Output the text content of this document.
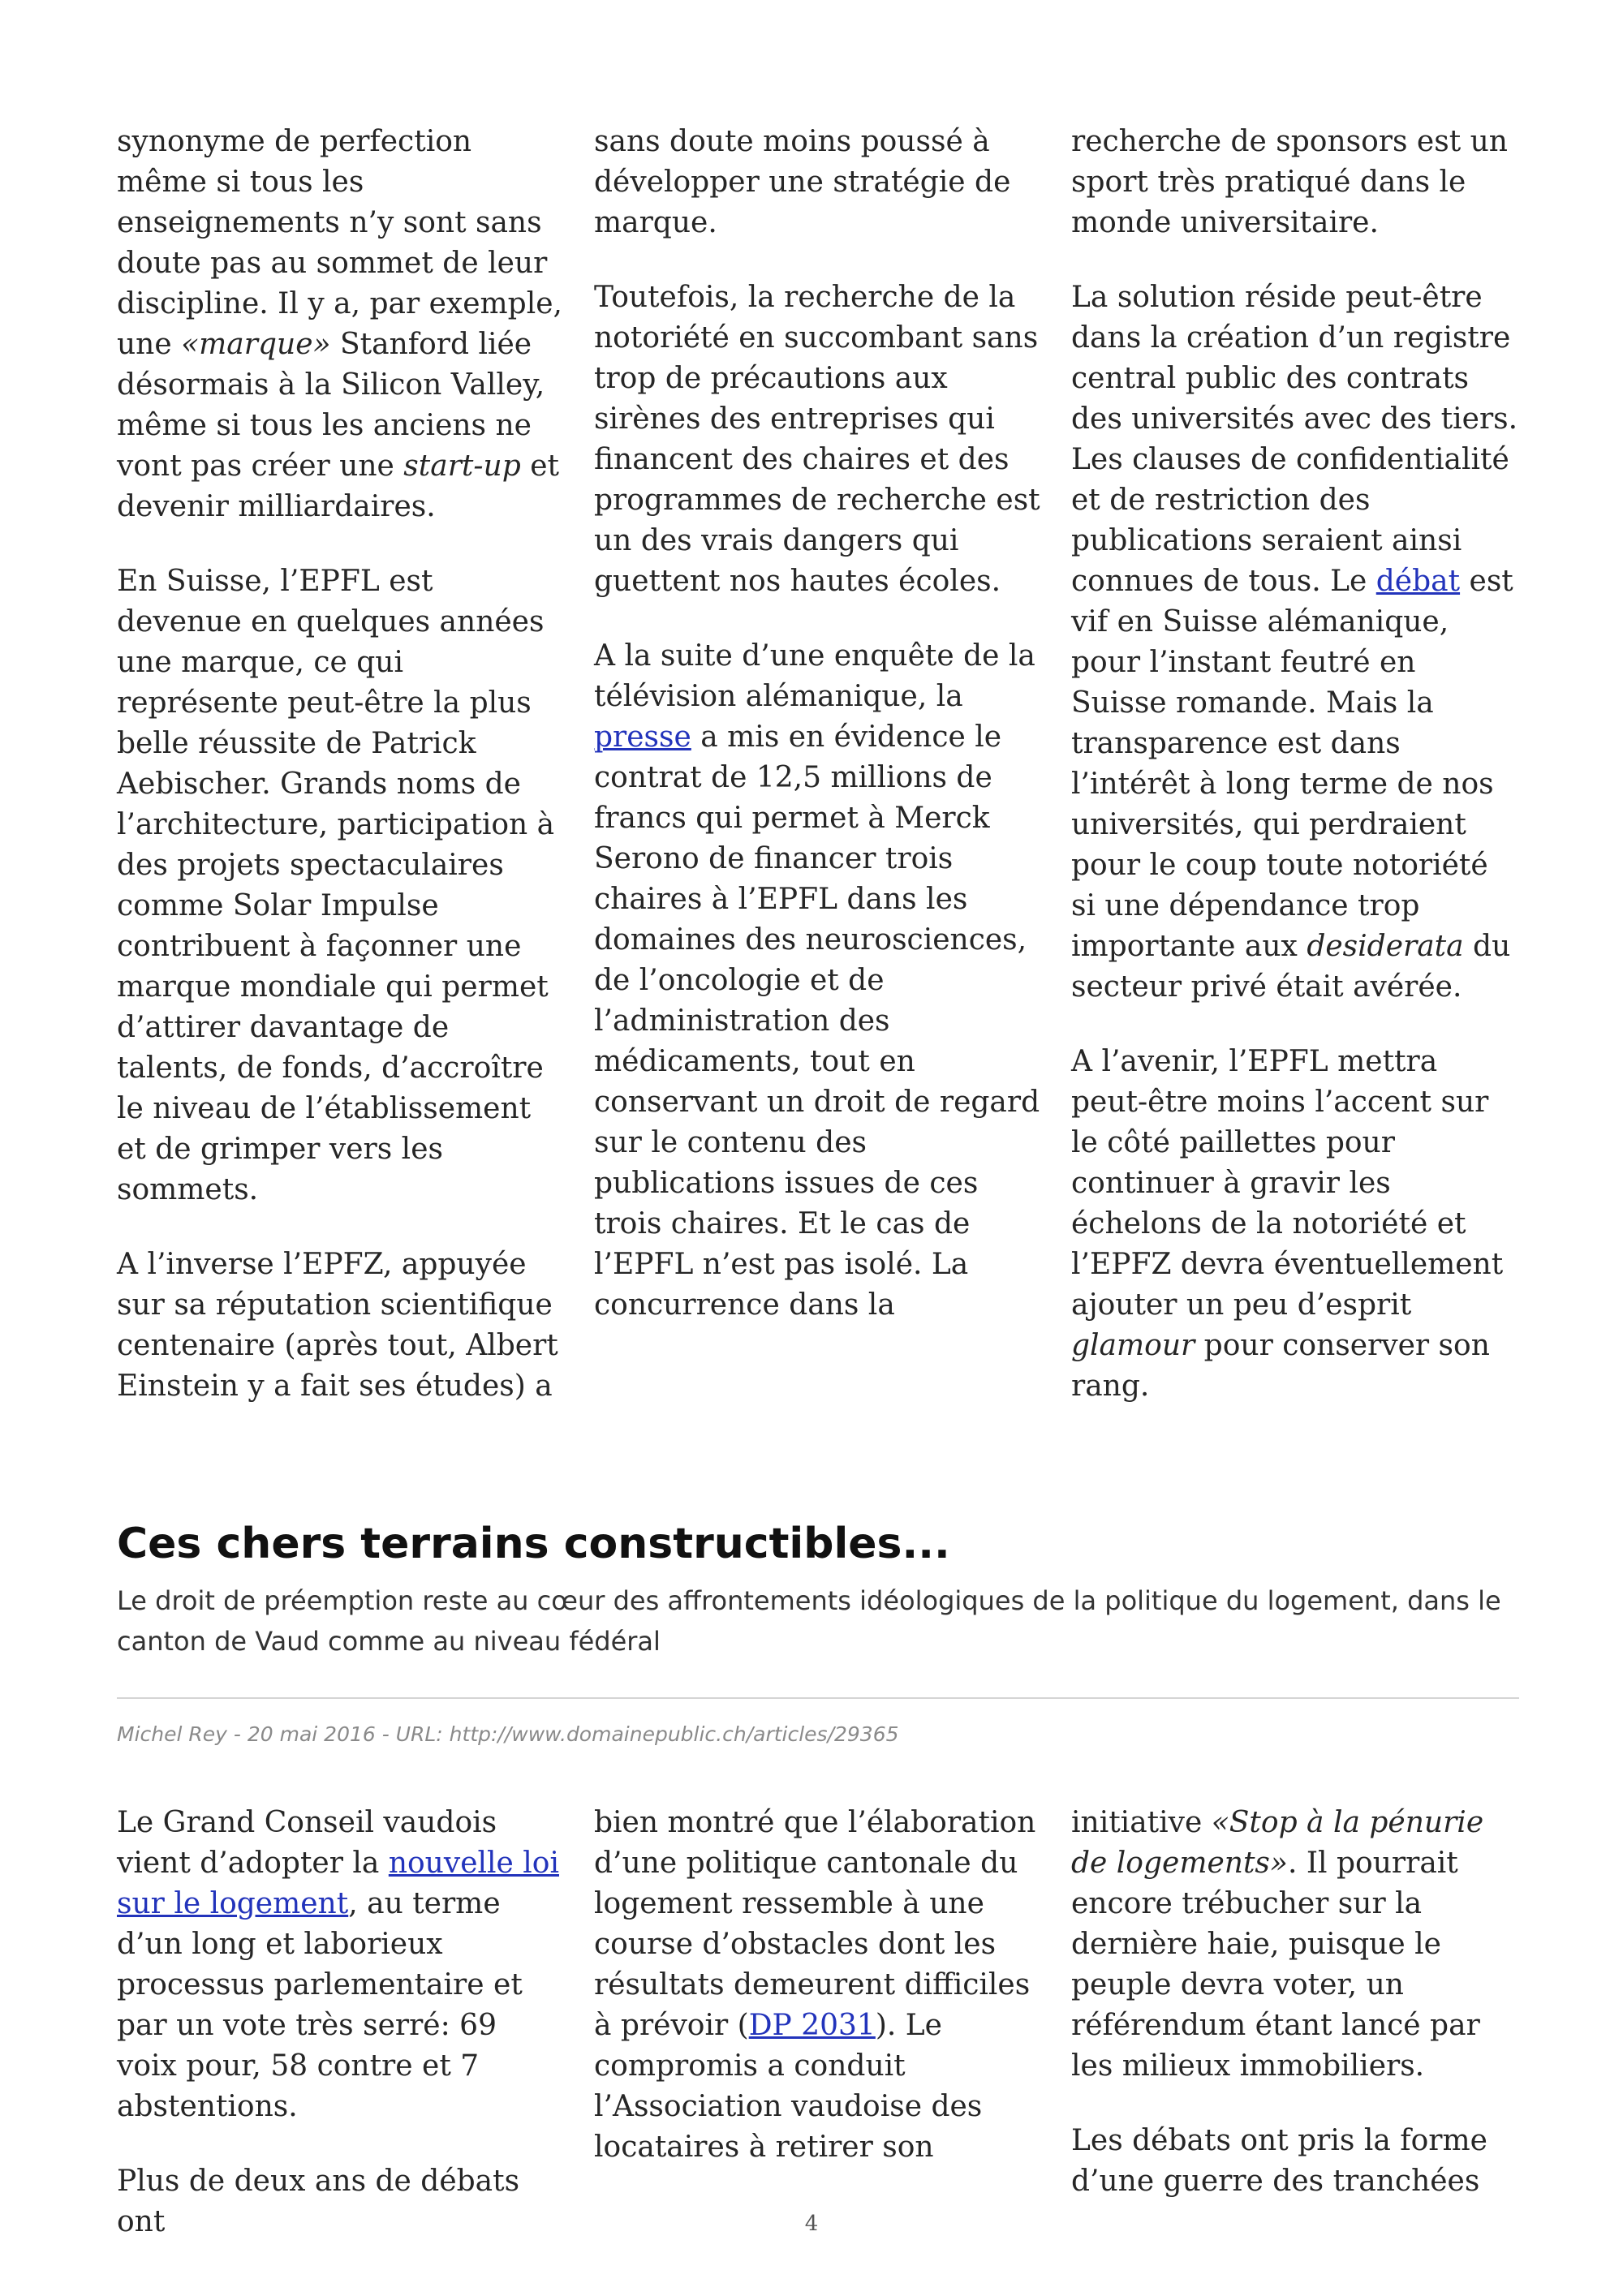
synonyme de perfection même si tous les enseignements n’y sont sans doute pas au sommet de leur discipline. Il y a, par exemple, une «marque» Stanford liée désormais à la Silicon Valley, même si tous les anciens ne vont pas créer une start-up et devenir milliardaires.

En Suisse, l’EPFL est devenue en quelques années une marque, ce qui représente peut-être la plus belle réussite de Patrick Aebischer. Grands noms de l’architecture, participation à des projets spectaculaires comme Solar Impulse contribuent à façonner une marque mondiale qui permet d’attirer davantage de talents, de fonds, d’accroître le niveau de l’établissement et de grimper vers les sommets.

A l’inverse l’EPFZ, appuyée sur sa réputation scientifique centenaire (après tout, Albert Einstein y a fait ses études) a

sans doute moins poussé à développer une stratégie de marque.

Toutefois, la recherche de la notoriété en succombant sans trop de précautions aux sirènes des entreprises qui financent des chaires et des programmes de recherche est un des vrais dangers qui guettent nos hautes écoles.

A la suite d’une enquête de la télévision alémanique, la presse a mis en évidence le contrat de 12,5 millions de francs qui permet à Merck Serono de financer trois chaires à l’EPFL dans les domaines des neurosciences, de l’oncologie et de l’administration des médicaments, tout en conservant un droit de regard sur le contenu des publications issues de ces trois chaires. Et le cas de l’EPFL n’est pas isolé. La concurrence dans la

recherche de sponsors est un sport très pratiqué dans le monde universitaire.

La solution réside peut-être dans la création d’un registre central public des contrats des universités avec des tiers. Les clauses de confidentialité et de restriction des publications seraient ainsi connues de tous. Le débat est vif en Suisse alémanique, pour l’instant feutré en Suisse romande. Mais la transparence est dans l’intérêt à long terme de nos universités, qui perdraient pour le coup toute notoriété si une dépendance trop importante aux desiderata du secteur privé était avérée.

A l’avenir, l’EPFL mettra peut-être moins l’accent sur le côté paillettes pour continuer à gravir les échelons de la notoriété et l’EPFZ devra éventuellement ajouter un peu d’esprit glamour pour conserver son rang.

Ces chers terrains constructibles...

Le droit de préemption reste au cœur des affrontements idéologiques de la politique du logement, dans le canton de Vaud comme au niveau fédéral

Michel Rey - 20 mai 2016 - URL: http://www.domainepublic.ch/articles/29365

Le Grand Conseil vaudois vient d’adopter la nouvelle loi sur le logement, au terme d’un long et laborieux processus parlementaire et par un vote très serré: 69 voix pour, 58 contre et 7 abstentions.

Plus de deux ans de débats ont

bien montré que l’élaboration d’une politique cantonale du logement ressemble à une course d’obstacles dont les résultats demeurent difficiles à prévoir (DP 2031). Le compromis a conduit l’Association vaudoise des locataires à retirer son

initiative «Stop à la pénurie de logements». Il pourrait encore trébucher sur la dernière haie, puisque le peuple devra voter, un référendum étant lancé par les milieux immobiliers.

Les débats ont pris la forme d’une guerre des tranchées

4
